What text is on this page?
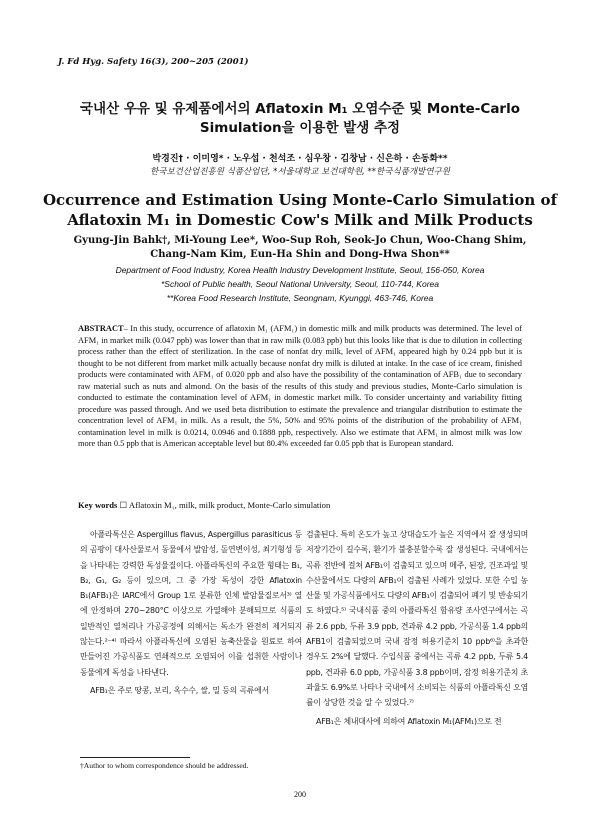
J. Fd Hyg. Safety 16(3), 200~205 (2001)
국내산 우유 및 유제품에서의 Aflatoxin M₁ 오염수준 및 Monte-Carlo
Simulation을 이용한 발생 추정
박경진† · 이미영* · 노우섭 · 천석조 · 심우창 · 김창남 · 신은하 · 손동화**
한국보건산업진흥원 식품산업단, *서울대학교 보건대학원, **한국식품개발연구원
Occurrence and Estimation Using Monte-Carlo Simulation of
Aflatoxin M₁ in Domestic Cow's Milk and Milk Products
Gyung-Jin Bahk†, Mi-Young Lee*, Woo-Sup Roh, Seok-Jo Chun, Woo-Chang Shim,
Chang-Nam Kim, Eun-Ha Shin and Dong-Hwa Shon**
Department of Food Industry, Korea Health Industry Development Institute, Seoul, 156-050, Korea
*School of Public health, Seoul National University, Seoul, 110-744, Korea
**Korea Food Research Institute, Seongnam, Kyunggi, 463-746, Korea
ABSTRACT– In this study, occurrence of aflatoxin M₁ (AFM₁) in domestic milk and milk products was determined. The level of AFM₁ in market milk (0.047 ppb) was lower than that in raw milk (0.083 ppb) but this looks like that is due to dilution in collecting process rather than the effect of sterilization. In the case of nonfat dry milk, level of AFM₁ appeared high by 0.24 ppb but it is thought to be not different from market milk actually because nonfat dry milk is diluted at intake. In the case of ice cream, finished products were contaminated with AFM₁ of 0.020 ppb and also have the possibility of the contamination of AFB₁ due to secondary raw material such as nuts and almond. On the basis of the results of this study and previous studies, Monte-Carlo simulation is conducted to estimate the contamination level of AFM₁ in domestic market milk. To consider uncertainty and variability fitting procedure was passed through. And we used beta distribution to estimate the prevalence and triangular distribution to estimate the concentration level of AFM₁ in milk. As a result, the 5%, 50% and 95% points of the distribution of the probability of AFM₁ contamination level in milk is 0.0214, 0.0946 and 0.1888 ppb, respectively. Also we estimate that AFM₁ in almost milk was low more than 0.5 ppb that is American acceptable level but 80.4% exceeded far 0.05 ppb that is European standard.
Key words ☐ Aflatoxin M₁, milk, milk product, Monte-Carlo simulation

아플라톡신은 Aspergillus flavus, Aspergillus parasiticus 등의 곰팡이 대사산물로서 동물에서 발암성, 돌연변이성, 최기형성 등을 나타내는 강력한 독성물질이다. 아플라톡신의 주요한 형태는 B₁, B₂, G₁, G₂ 등이 있으며, 그 중 가장 독성이 강한 Aflatoxin B₁(AFB₁)은 IARC에서 Group 1로 분류한 인체 발암물질로서³⁾ 열에 안정하며 270~280°C 이상으로 가열해야 분해되므로 식품의 일반적인 열처리나 가공공정에 의해서는 독소가 완전히 제거되지 않는다.²⁻⁴⁾ 따라서 아플라톡신에 오염된 농축산물을 원료로 하여 만들어진 가공식품도 연쇄적으로 오염되어 이를 섭취한 사람이나 동물에게 독성을 나타낸다.

AFB₁은 주로 땅콩, 보리, 옥수수, 쌀, 밀 등의 곡류에서

검출된다. 특히 온도가 높고 상대습도가 높은 지역에서 잘 생성되며 저장기간이 길수록, 환기가 불충분할수록 잘 생성된다. 국내에서는 곡류 전반에 걸쳐 AFB₁이 검출되고 있으며 메주, 된장, 건조과일 및 수산물에서도 다량의 AFB₁이 검출된 사례가 있었다. 또한 수입 농산물 및 가공식품에서도 다량의 AFB₁이 검출되어 폐기 및 반송되기도 하였다.⁵⁾ 국내식품 중의 아플라톡신 함유량 조사연구에서는 곡류 2.6 ppb, 두류 3.9 ppb, 견과류 4.2 ppb, 가공식품 1.4 ppb의 AFB1이 검출되었으며 국내 잠정 허용기준치 10 ppb⁶⁾을 초과한 경우도 2%에 달했다. 수입식품 중에서는 곡류 4.2 ppb, 두류 5.4 ppb, 견과류 6.0 ppb, 가공식품 3.8 ppb이며, 잠정 허용기준치 초과율도 6.9%로 나타나 국내에서 소비되는 식품의 아플라톡신 오염률이 상당한 것을 알 수 있었다.⁷⁾

AFB₁은 체내대사에 의하여 Aflatoxin M₁(AFM₁)으로 전

†Author to whom correspondence should be addressed.
200
